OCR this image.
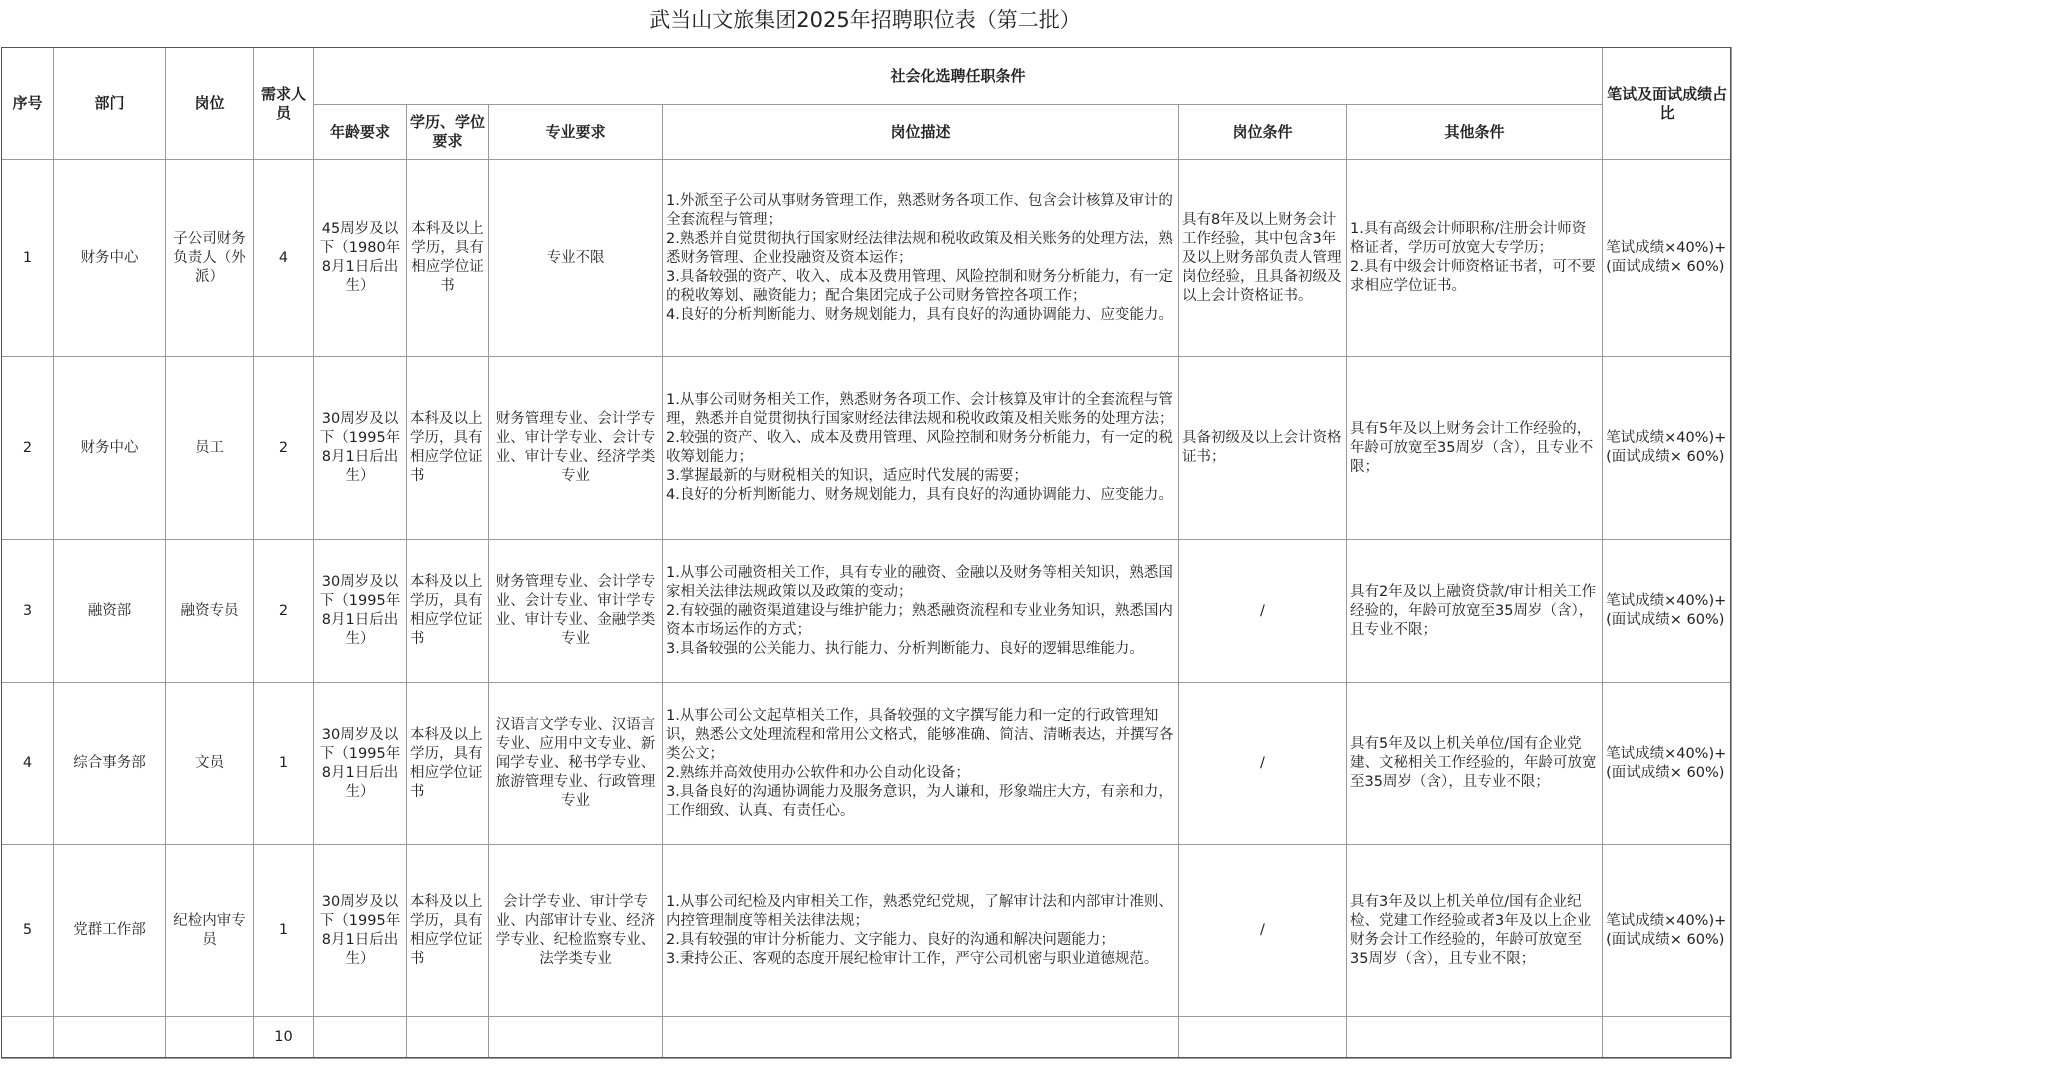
武当山文旅集团2025年招聘职位表（第二批）
序号	部门	岗位	需求人员	社会化选聘任职条件						笔试及面试成绩占比
				年龄要求	学历、学位要求	专业要求	岗位描述	岗位条件	其他条件	
1	财务中心	子公司财务负责人（外派）	4	45周岁及以下（1980年8月1日后出生）	本科及以上学历，具有相应学位证书	专业不限	1.外派至子公司从事财务管理工作，熟悉财务各项工作、包含会计核算及审计的全套流程与管理；
2.熟悉并自觉贯彻执行国家财经法律法规和税收政策及相关账务的处理方法，熟悉财务管理、企业投融资及资本运作；
3.具备较强的资产、收入、成本及费用管理、风险控制和财务分析能力，有一定的税收筹划、融资能力；配合集团完成子公司财务管控各项工作；
4.良好的分析判断能力、财务规划能力，具有良好的沟通协调能力、应变能力。	具有8年及以上财务会计工作经验，其中包含3年及以上财务部负责人管理岗位经验，且具备初级及以上会计资格证书。	1.具有高级会计师职称/注册会计师资格证者，学历可放宽大专学历；
2.具有中级会计师资格证书者，可不要求相应学位证书。	笔试成绩×40%)+(面试成绩× 60%)
2	财务中心	员工	2	30周岁及以下（1995年8月1日后出生）	本科及以上学历，具有相应学位证书	财务管理专业、会计学专业、审计学专业、会计专业、审计专业、经济学类专业	1.从事公司财务相关工作，熟悉财务各项工作、会计核算及审计的全套流程与管理，熟悉并自觉贯彻执行国家财经法律法规和税收政策及相关账务的处理方法；
2.较强的资产、收入、成本及费用管理、风险控制和财务分析能力，有一定的税收筹划能力；
3.掌握最新的与财税相关的知识，适应时代发展的需要；
4.良好的分析判断能力、财务规划能力，具有良好的沟通协调能力、应变能力。	具备初级及以上会计资格证书；	具有5年及以上财务会计工作经验的，年龄可放宽至35周岁（含），且专业不限；	笔试成绩×40%)+(面试成绩× 60%)
3	融资部	融资专员	2	30周岁及以下（1995年8月1日后出生）	本科及以上学历，具有相应学位证书	财务管理专业、会计学专业、会计专业、审计学专业、审计专业、金融学类专业	1.从事公司融资相关工作，具有专业的融资、金融以及财务等相关知识，熟悉国家相关法律法规政策以及政策的变动；
2.有较强的融资渠道建设与维护能力；熟悉融资流程和专业业务知识，熟悉国内资本市场运作的方式；
3.具备较强的公关能力、执行能力、分析判断能力、良好的逻辑思维能力。	/	具有2年及以上融资贷款/审计相关工作经验的，年龄可放宽至35周岁（含），且专业不限；	笔试成绩×40%)+(面试成绩× 60%)
4	综合事务部	文员	1	30周岁及以下（1995年8月1日后出生）	本科及以上学历，具有相应学位证书	汉语言文学专业、汉语言专业、应用中文专业、新闻学专业、秘书学专业、旅游管理专业、行政管理专业	1.从事公司公文起草相关工作，具备较强的文字撰写能力和一定的行政管理知识，熟悉公文处理流程和常用公文格式，能够准确、简洁、清晰表达，并撰写各类公文；
2.熟练并高效使用办公软件和办公自动化设备；
3.具备良好的沟通协调能力及服务意识，为人谦和，形象端庄大方，有亲和力，工作细致、认真、有责任心。	/	具有5年及以上机关单位/国有企业党建、文秘相关工作经验的，年龄可放宽至35周岁（含），且专业不限；	笔试成绩×40%)+(面试成绩× 60%)
5	党群工作部	纪检内审专员	1	30周岁及以下（1995年8月1日后出生）	本科及以上学历，具有相应学位证书	会计学专业、审计学专业、内部审计专业、经济学专业、纪检监察专业、法学类专业	1.从事公司纪检及内审相关工作，熟悉党纪党规，了解审计法和内部审计准则、内控管理制度等相关法律法规；
2.具有较强的审计分析能力、文字能力、良好的沟通和解决问题能力；
3.秉持公正、客观的态度开展纪检审计工作，严守公司机密与职业道德规范。	/	具有3年及以上机关单位/国有企业纪检、党建工作经验或者3年及以上企业财务会计工作经验的，年龄可放宽至35周岁（含），且专业不限；	笔试成绩×40%)+(面试成绩× 60%)
			10							
